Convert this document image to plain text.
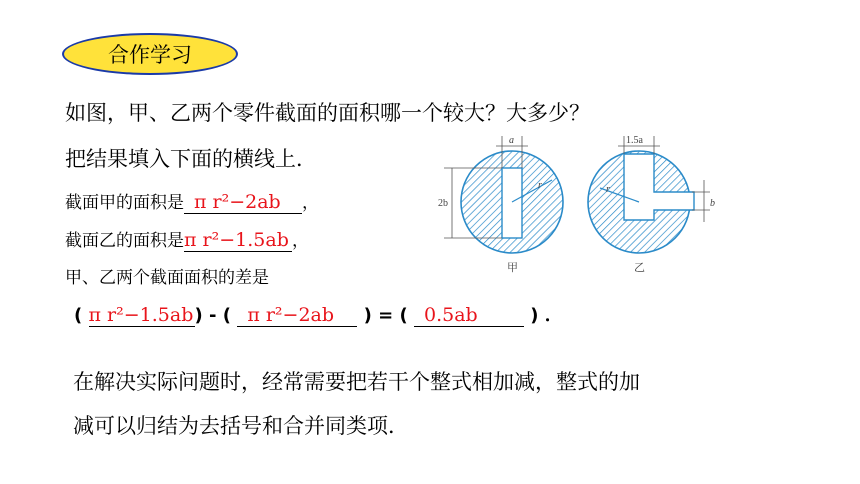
合作学习
如图，甲、乙两个零件截面的面积哪一个较大？大多少？
把结果填入下面的横线上．
截面甲的面积是 π r²−2ab ，
截面乙的面积是π r²−1.5ab ，
甲、乙两个截面面积的差是
( π r²−1.5ab) - ( π r²−2ab ) = ( 0.5ab	) ．
在解决实际问题时，经常需要把若干个整式相加减，整式的加
减可以归结为去括号和合并同类项．
a
2b
r
甲
1.5a
b
r
乙
